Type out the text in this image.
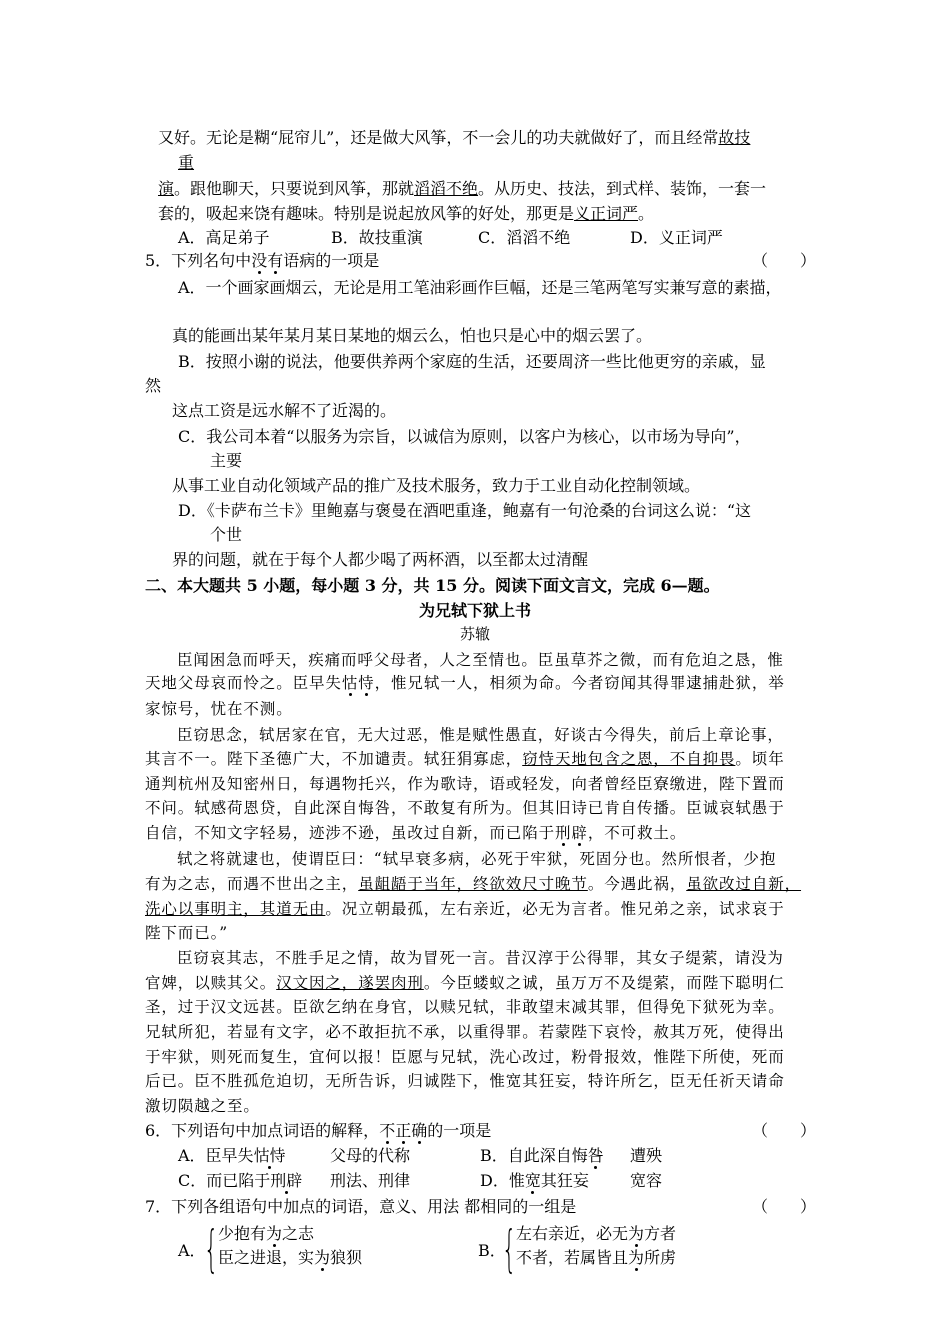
又好。无论是糊“屁帘儿”，还是做大风筝，不一会儿的功夫就做好了，而且经常故技
重
演。跟他聊天，只要说到风筝，那就滔滔不绝。从历史、技法，到式样、装饰，一套一
套的，吸起来饶有趣味。特别是说起放风筝的好处，那更是义正词严。
A．高足弟子	B．故技重演	C．滔滔不绝	D．义正词严
5．下列名句中没有语病的一项是	（　　）
A．一个画家画烟云，无论是用工笔油彩画作巨幅，还是三笔两笔写实兼写意的素描，
真的能画出某年某月某日某地的烟云么，怕也只是心中的烟云罢了。
B．按照小谢的说法，他要供养两个家庭的生活，还要周济一些比他更穷的亲戚，显
然
这点工资是远水解不了近渴的。
C．我公司本着“以服务为宗旨，以诚信为原则，以客户为核心，以市场为导向”，
主要
从事工业自动化领域产品的推广及技术服务，致力于工业自动化控制领域。
D．《卡萨布兰卡》里鲍嘉与褒曼在酒吧重逢，鲍嘉有一句沧桑的台词这么说：“这
个世
界的问题，就在于每个人都少喝了两杯酒，以至都太过清醒
二、本大题共 5 小题，每小题 3 分，共 15 分。阅读下面文言文，完成 6—题。
为兄轼下狱上书
苏辙
臣闻困急而呼天，疾痛而呼父母者，人之至情也。臣虽草芥之微，而有危迫之恳，惟
天地父母哀而怜之。臣早失怙恃，惟兄轼一人，相须为命。今者窃闻其得罪逮捕赴狱，举
家惊号，忧在不测。
臣窃思念，轼居家在官，无大过恶，惟是赋性愚直，好谈古今得失，前后上章论事，
其言不一。陛下圣德广大，不加谴责。轼狂狷寡虑，窃恃天地包含之恩，不自抑畏。顷年
通判杭州及知密州日，每遇物托兴，作为歌诗，语或轻发，向者曾经臣寮缴进，陛下置而
不问。轼感荷恩贷，自此深自悔咎，不敢复有所为。但其旧诗已肯自传播。臣诚哀轼愚于
自信，不知文字轻易，迹涉不逊，虽改过自新，而已陷于刑辟，不可救土。
轼之将就逮也，使谓臣曰：“轼早衰多病，必死于牢狱，死固分也。然所恨者，少抱
有为之志，而遇不世出之主，虽龃龉于当年，终欲效尺寸晚节。今遇此祸，虽欲改过自新，
洗心以事明主，其道无由。况立朝最孤，左右亲近，必无为言者。惟兄弟之亲，试求哀于
陛下而已。”
臣窃哀其志，不胜手足之情，故为冒死一言。昔汉淳于公得罪，其女子缇萦，请没为
官婢，以赎其父。汉文因之，遂罢肉刑。今臣蝼蚁之诚，虽万万不及缇萦，而陛下聪明仁
圣，过于汉文远甚。臣欲乞纳在身官，以赎兄轼，非敢望末减其罪，但得免下狱死为幸。
兄轼所犯，若显有文字，必不敢拒抗不承，以重得罪。若蒙陛下哀怜，赦其万死，使得出
于牢狱，则死而复生，宜何以报！臣愿与兄轼，洗心改过，粉骨报效，惟陛下所使，死而
后已。臣不胜孤危迫切，无所告诉，归诚陛下，惟宽其狂妄，特许所乞，臣无任祈天请命
激切陨越之至。
6．下列语句中加点词语的解释，不正确的一项是	（　　）
A．臣早失怙恃	父母的代称	B．自此深自悔咎 遭殃
C．而已陷于刑辟 刑法、刑律	D．惟宽其狂妄	宽容
7．下列各组语句中加点的词语，意义、用法 都相同的一组是	（　　）
A．
{ 少抱有为之志
臣之进退，实为狼狈	B．
{ 左右亲近，必无为方者
不者，若属皆且为所虏
